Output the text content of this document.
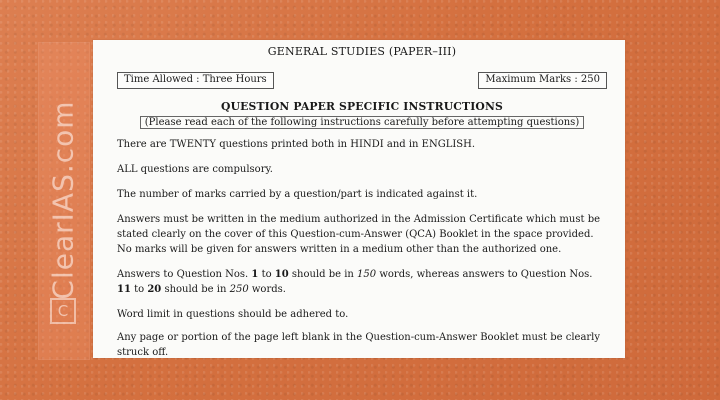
ClearIAS.com
C
GENERAL STUDIES (PAPER–III)
Time Allowed : Three Hours	Maximum Marks : 250
QUESTION PAPER SPECIFIC INSTRUCTIONS
(Please read each of the following instructions carefully before attempting questions)

There are TWENTY questions printed both in HINDI and in ENGLISH.

ALL questions are compulsory.

The number of marks carried by a question/part is indicated against it.

Answers must be written in the medium authorized in the Admission Certificate which must be stated clearly on the cover of this Question-cum-Answer (QCA) Booklet in the space provided. No marks will be given for answers written in a medium other than the authorized one.

Answers to Question Nos. 1 to 10 should be in 150 words, whereas answers to Question Nos. 11 to 20 should be in 250 words.

Word limit in questions should be adhered to.

Any page or portion of the page left blank in the Question-cum-Answer Booklet must be clearly struck off.
